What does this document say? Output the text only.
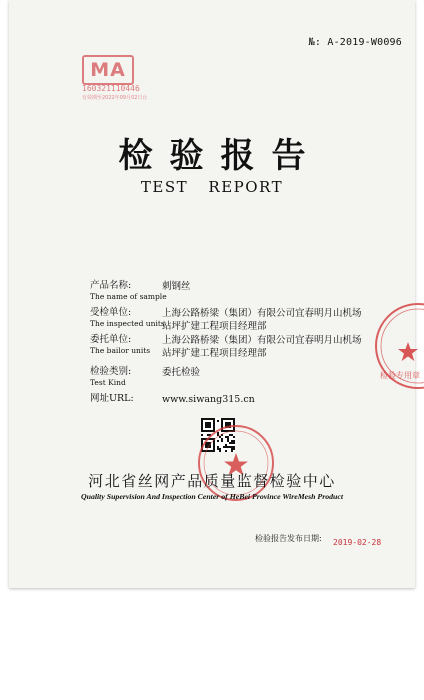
№: A-2019-W0096
MA
160321110446
有效期至2022年09月02日止
检验报告
TEST REPORT
产品名称:
The name of sample
刺钢丝
受检单位:
The inspected units
上海公路桥梁（集团）有限公司宜春明月山机场
站坪扩建工程项目经理部
委托单位:
The bailor units
上海公路桥梁（集团）有限公司宜春明月山机场
站坪扩建工程项目经理部
检验类别:
Test Kind
委托检验
网址URL:	www.siwang315.cn
检验专用章
河北省丝网产品质量监督检验中心
Quality Supervision And Inspection Center of HeBei Province WireMesh Product
检验报告发布日期: 2019-02-28
